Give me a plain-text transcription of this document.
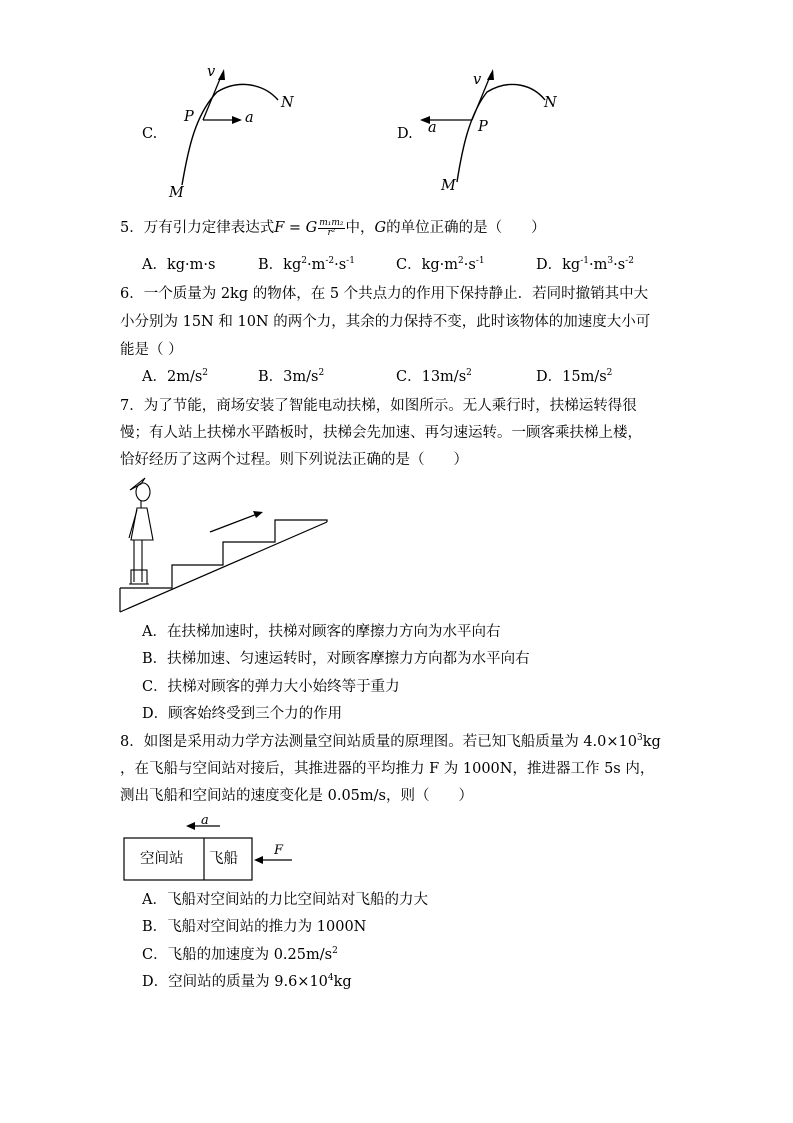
C.
v
P	a
N
M
D.
v
P
a
N
M
5．万有引力定律表达式F = G $\frac{\text{m₁m₂}}{\text{r²}}$ 中，G的单位正确的是（　　）
A．kg·m·s	B．$kg^2\cdot m^{-2}\cdot s^{-1}$	C．$kg\cdot m^2\cdot s^{-1}$	D．$kg^{-1}\cdot m^3\cdot s^{-2}$
6．一个质量为 2kg 的物体，在 5 个共点力的作用下保持静止．若同时撤销其中大
小分别为 15N 和 10N 的两个力，其余的力保持不变，此时该物体的加速度大小可
能是（ ）
A．$2m/s^2$	B．$3m/s^2$	C．$13m/s^2$	D．$15m/s^2$
7．为了节能，商场安装了智能电动扶梯，如图所示。无人乘行时，扶梯运转得很
慢；有人站上扶梯水平踏板时，扶梯会先加速、再匀速运转。一顾客乘扶梯上楼，
恰好经历了这两个过程。则下列说法正确的是（　　）
A．在扶梯加速时，扶梯对顾客的摩擦力方向为水平向右
B．扶梯加速、匀速运转时，对顾客摩擦力方向都为水平向右
C．扶梯对顾客的弹力大小始终等于重力
D．顾客始终受到三个力的作用
8．如图是采用动力学方法测量空间站质量的原理图。若已知飞船质量为 $4.0\times 10^3kg$
，在飞船与空间站对接后，其推进器的平均推力 F 为 1000N，推进器工作 5s 内，
测出飞船和空间站的速度变化是 0.05m/s，则（　　）
a
F
空间站 飞船
A．飞船对空间站的力比空间站对飞船的力大
B．飞船对空间站的推力为 1000N
C．飞船的加速度为 $0.25m/s^2$
D．空间站的质量为 $9.6\times 10^4kg$
